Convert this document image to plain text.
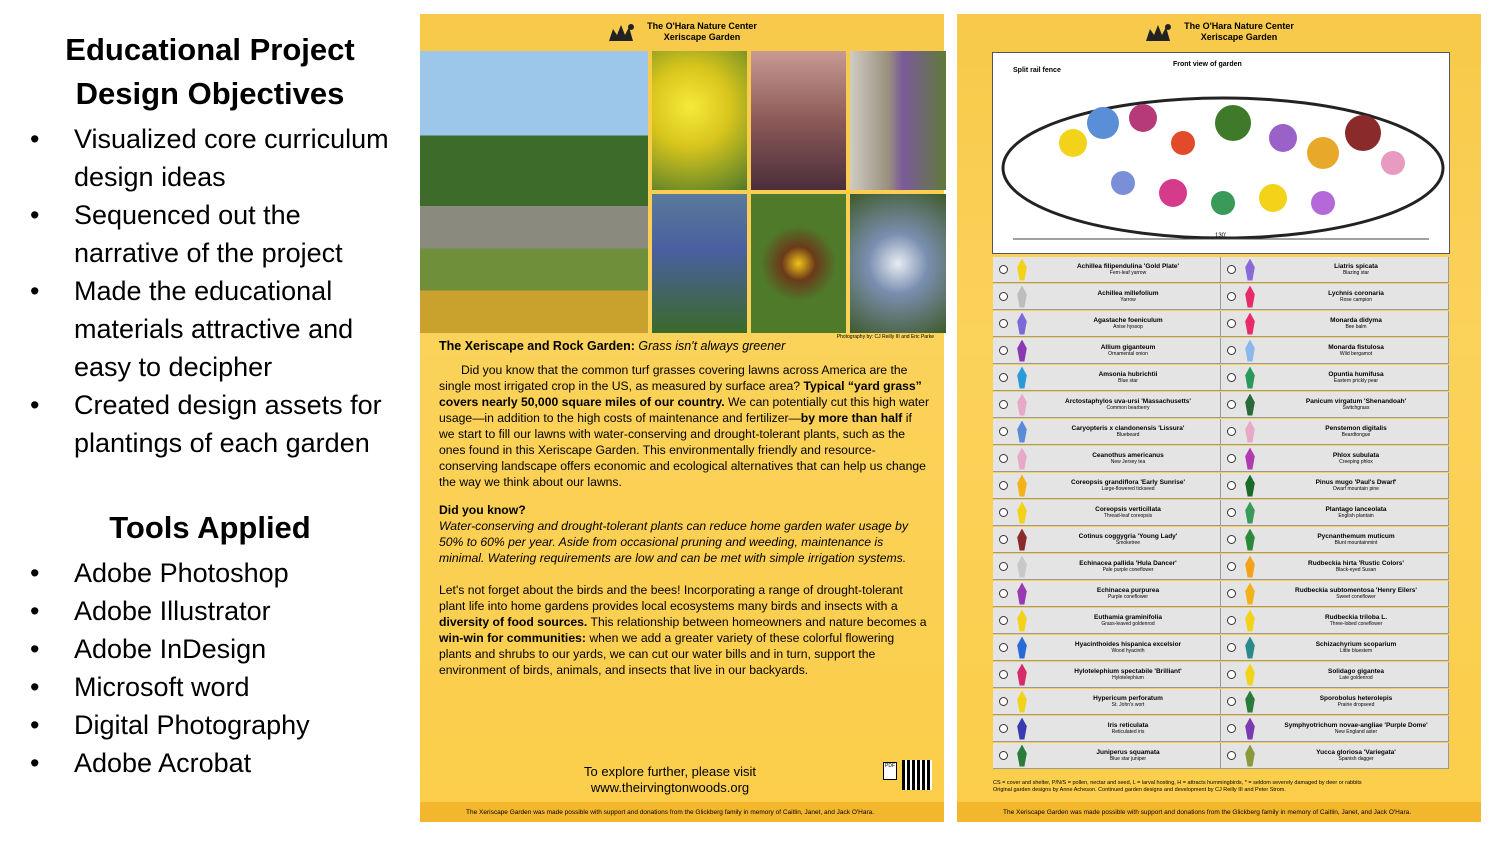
Educational Project Design Objectives
• Visualized core curriculum design ideas
• Sequenced out the narrative of the project
• Made the educational materials attractive and easy to decipher
• Created design assets for plantings of each garden
Tools Applied
• Adobe Photoshop
• Adobe Illustrator
• Adobe InDesign
• Microsoft word
• Digital Photography
• Adobe Acrobat
The O'Hara Nature Center
Xeriscape Garden
Photography by: CJ Reilly III and Eric Parke
The Xeriscape and Rock Garden: Grass isn't always greener

Did you know that the common turf grasses covering lawns across America are the single most irrigated crop in the US, as measured by surface area? Typical “yard grass” covers nearly 50,000 square miles of our country. We can potentially cut this high water usage—in addition to the high costs of maintenance and fertilizer—by more than half if we start to fill our lawns with water-conserving and drought-tolerant plants, such as the ones found in this Xeriscape Garden. This environmentally friendly and resource-conserving landscape offers economic and ecological alternatives that can help us change the way we think about our lawns.

Did you know?
Water-conserving and drought-tolerant plants can reduce home garden water usage by 50% to 60% per year. Aside from occasional pruning and weeding, maintenance is minimal. Watering requirements are low and can be met with simple irrigation systems.

Let's not forget about the birds and the bees! Incorporating a range of drought-tolerant plant life into home gardens provides local ecosystems many birds and insects with a diversity of food sources. This relationship between homeowners and nature becomes a win-win for communities: when we add a greater variety of these colorful flowering plants and shrubs to our yards, we can cut our water bills and in turn, support the environment of birds, animals, and insects that live in our backyards.

To explore further, please visit
www.theirvingtonwoods.org
PDF
The Xeriscape Garden was made possible with support and donations from the Glickberg family in memory of Caitlin, Janet, and Jack O'Hara.
The O'Hara Nature Center
Xeriscape Garden
Split rail fence
Front view of garden
130'
Achillea filipendulina 'Gold Plate'
Fern-leaf yarrow
Liatris spicata
Blazing star
Achillea millefolium
Yarrow
Lychnis coronaria
Rose campion
Agastache foeniculum
Anise hyssop
Monarda didyma
Bee balm
Allium giganteum
Ornamental onion
Monarda fistulosa
Wild bergamot
Amsonia hubrichtii
Blue star
Opuntia humifusa
Eastern prickly pear
Arctostaphylos uva-ursi 'Massachusetts'
Common bearberry
Panicum virgatum 'Shenandoah'
Switchgrass
Caryopteris x clandonensis 'Lissura'
Bluebeard
Penstemon digitalis
Beardtongue
Ceanothus americanus
New Jersey tea
Phlox subulata
Creeping phlox
Coreopsis grandiflora 'Early Sunrise'
Large-flowered tickseed
Pinus mugo 'Paul's Dwarf'
Dwarf mountain pine
Coreopsis verticillata
Thread-leaf coreopsis
Plantago lanceolata
English plantain
Cotinus coggygria 'Young Lady'
Smoketree
Pycnanthemum muticum
Blunt mountainmint
Echinacea pallida 'Hula Dancer'
Pale purple coneflower
Rudbeckia hirta 'Rustic Colors'
Black-eyed Susan
Echinacea purpurea
Purple coneflower
Rudbeckia subtomentosa 'Henry Eilers'
Sweet coneflower
Euthamia graminifolia
Grass-leaved goldenrod
Rudbeckia triloba L.
Three-lobed coneflower
Hyacinthoides hispanica excelsior
Wood hyacinth
Schizachyrium scoparium
Little bluestem
Hylotelephium spectabile 'Brilliant'
Hylotelephium
Solidago gigantea
Late goldenrod
Hypericum perforatum
St. John's wort
Sporobolus heterolepis
Prairie dropseed
Iris reticulata
Reticulated iris
Symphyotrichum novae-angliae 'Purple Dome'
New England aster
Juniperus squamata
Blue star juniper
Yucca gloriosa 'Variegata'
Spanish dagger
CS = cover and shelter, P/N/S = pollen, nectar and seed, L = larval hosting, H = attracts hummingbirds, * = seldom severely damaged by deer or rabbits
Original garden designs by Anne Acheson. Continued garden designs and development by CJ Reilly III and Peter Strom.
The Xeriscape Garden was made possible with support and donations from the Glickberg family in memory of Caitlin, Janet, and Jack O'Hara.
